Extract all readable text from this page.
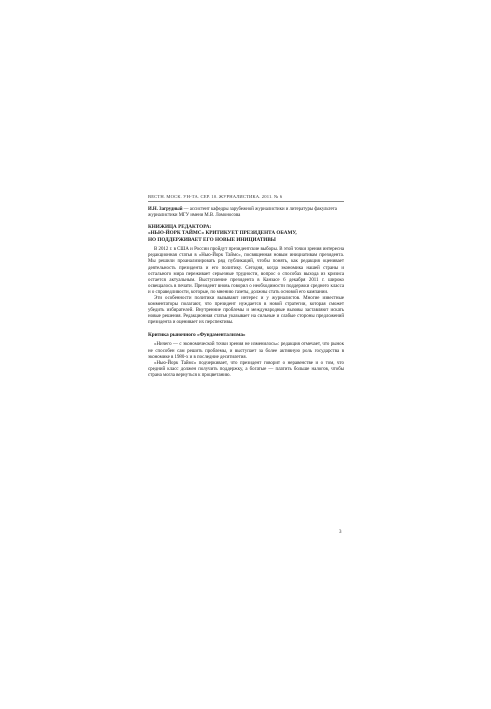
ВЕСТН. МОСК. УН-ТА. СЕР. 10. ЖУРНАЛИСТИКА. 2011. № 6

И.Н. Загрудный — ассистент кафедры зарубежной журналистики и литературы факультета журналистики МГУ имени М.В. Ломоносова

КНИЖИЦА РЕДАКТОРА:
«НЬЮ-ЙОРК ТАЙМС» КРИТИКУЕТ ПРЕЗИДЕНТА ОБАМУ,
НО ПОДДЕРЖИВАЕТ ЕГО НОВЫЕ ИНИЦИАТИВЫ

В 2012 г. в США и России пройдут президентские выборы. В этой точки зрения интересна редакционная статья в «Нью-Йорк Таймс», посвященная новым инициативам президента. Мы решили проанализировать ряд публикаций, чтобы понять, как редакция оценивает деятельность президента и его политику. Сегодня, когда экономика нашей страны и остального мира переживает серьезные трудности, вопрос о способах выхода из кризиса остается актуальным. Выступление президента в Канзасе 6 декабря 2011 г. широко освещалось в печати. Президент вновь говорил о необходимости поддержки среднего класса и о справедливости, которые, по мнению газеты, должны стать основой его кампании.

Эти особенности политики вызывают интерес и у журналистов. Многие известные комментаторы полагают, что президент нуждается в новой стратегии, которая сможет убедить избирателей. Внутренние проблемы и международные вызовы заставляют искать новые решения. Редакционная статья указывает на сильные и слабые стороны предложений президента и оценивает их перспективы.

Критика рыночного «Фундаментализма»

«Ничего — с экономической точки зрения не изменилось»: редакция отмечает, что рынок не способен сам решить проблемы, и выступает за более активную роль государства в экономике в 1980-х и в последние десятилетия.

«Нью-Йорк Таймс» подчеркивает, что президент говорит о неравенстве и о том, что средний класс должен получить поддержку, а богатые — платить больше налогов, чтобы страна могла вернуться к процветанию.

3
